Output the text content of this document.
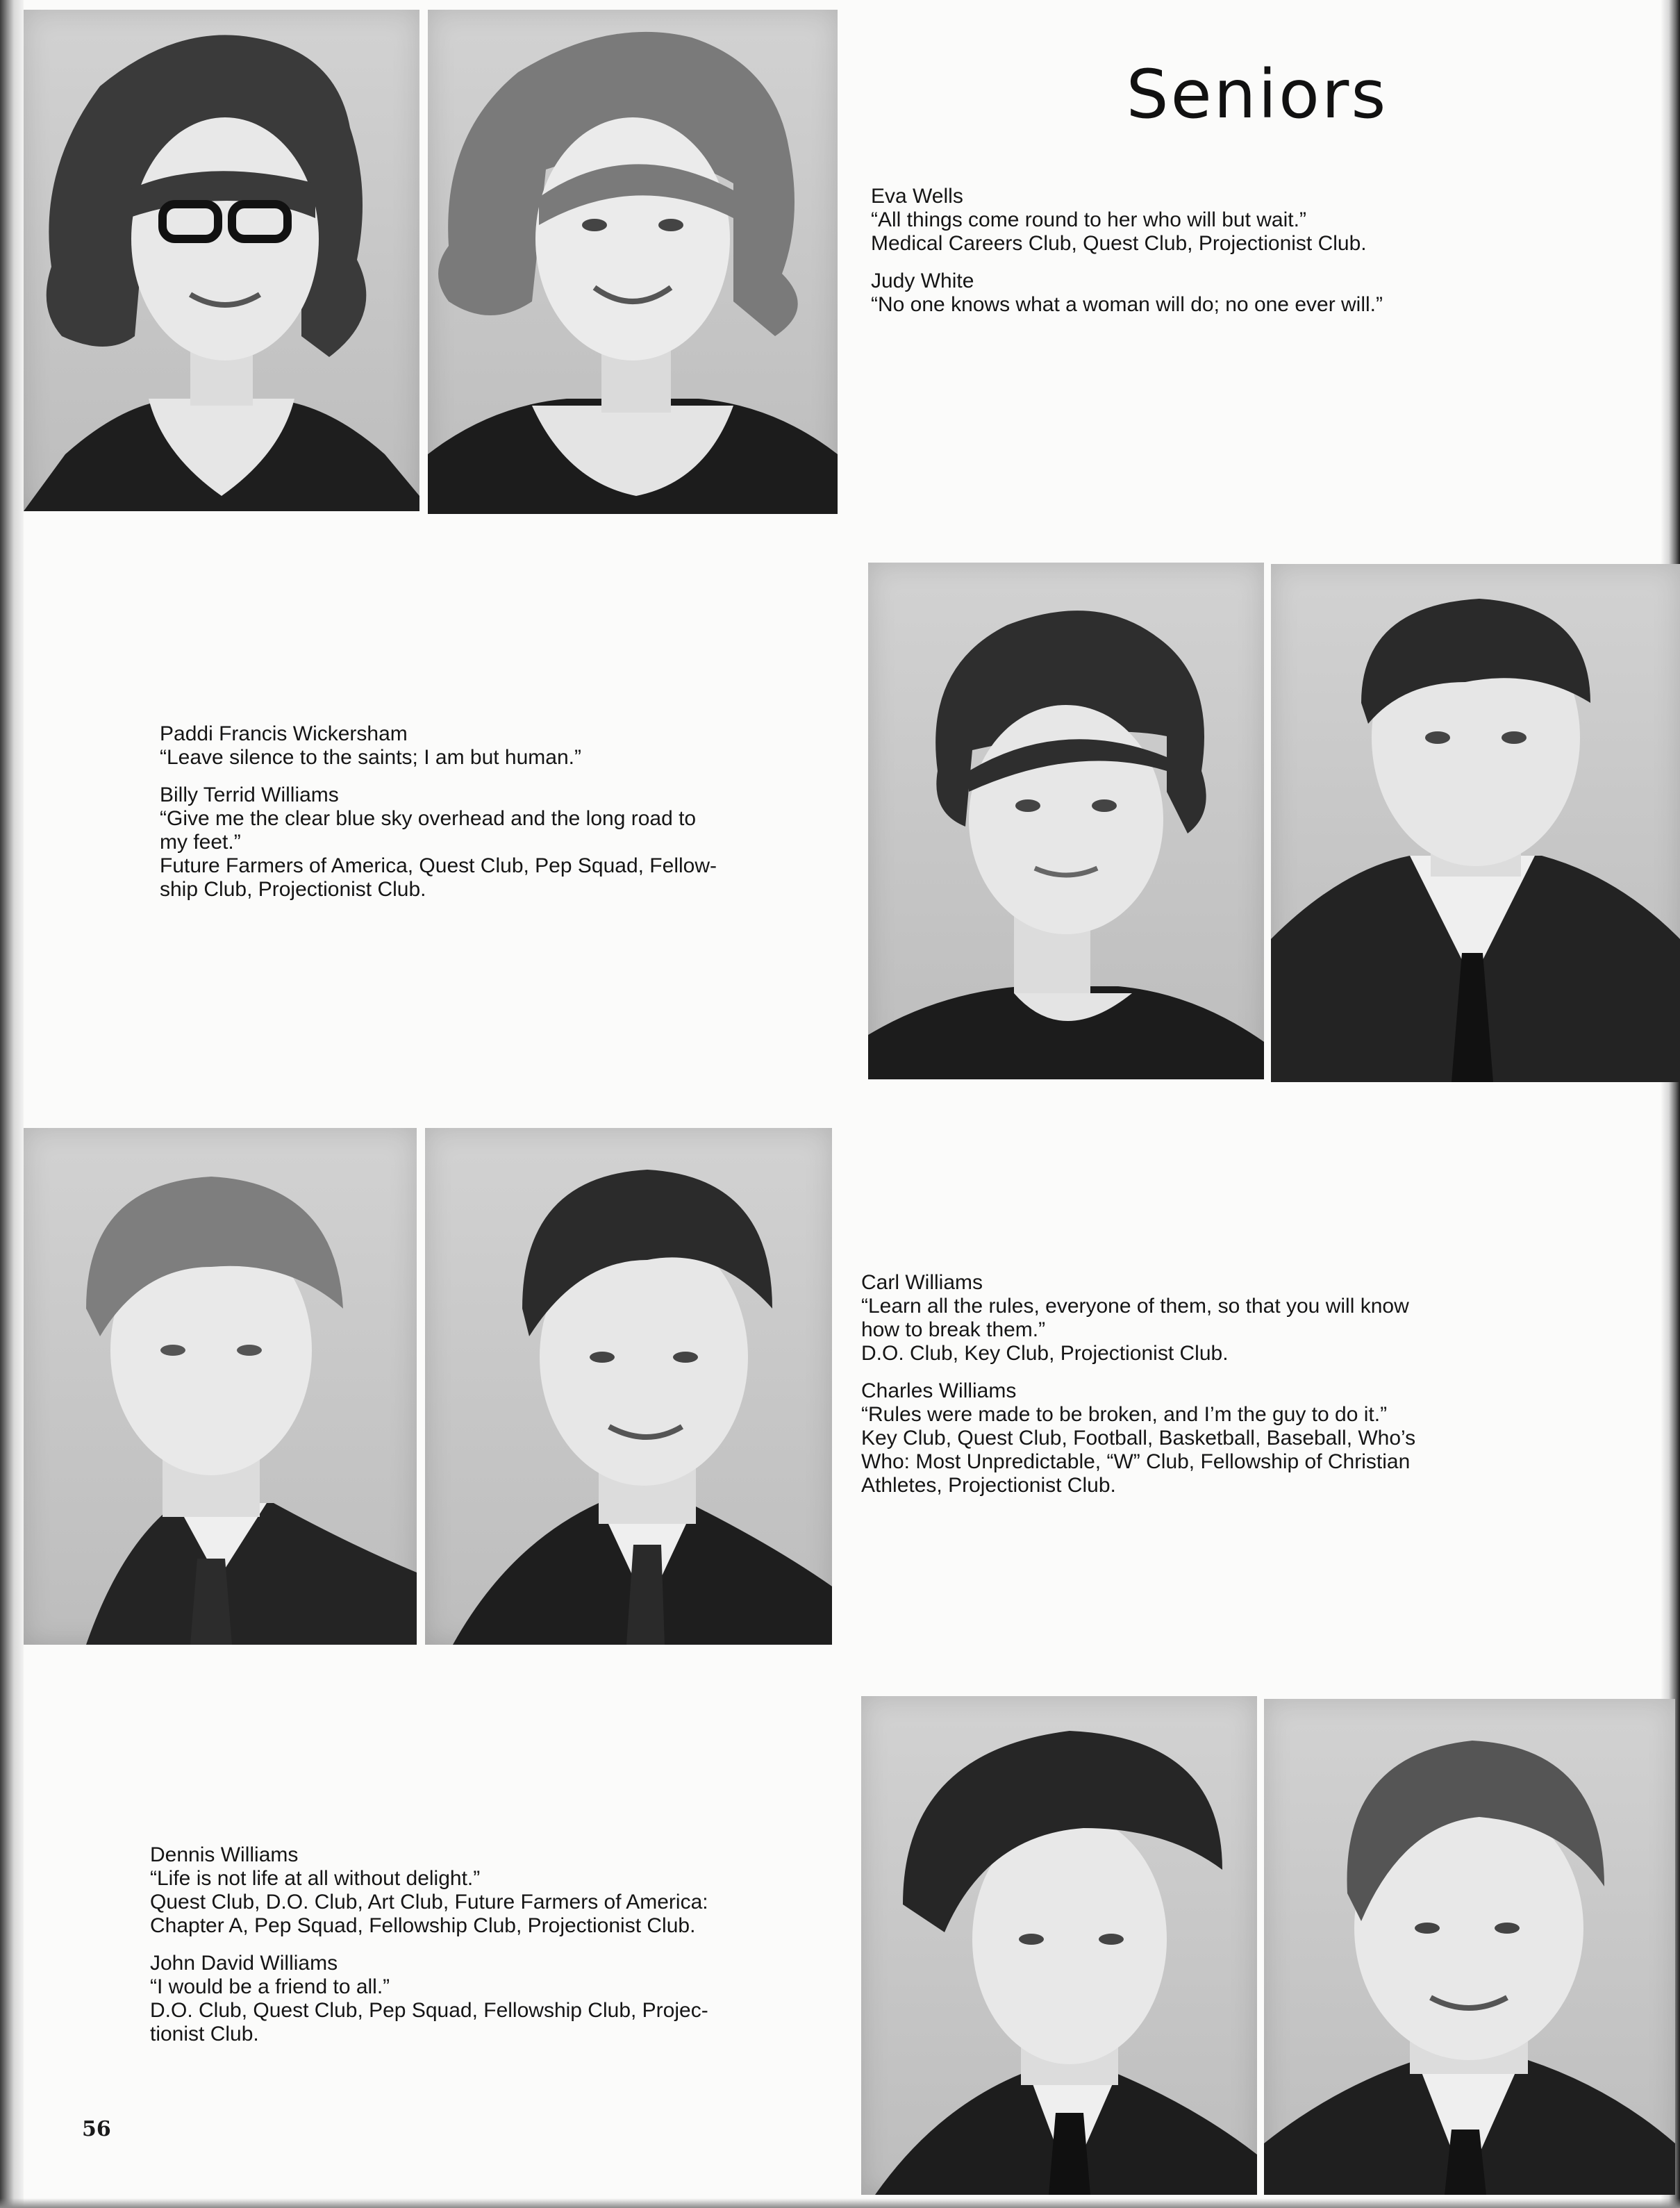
Seniors
Eva Wells
“All things come round to her who will but wait.”
Medical Careers Club, Quest Club, Projectionist Club.
Judy White
“No one knows what a woman will do; no one ever will.”
Paddi Francis Wickersham
“Leave silence to the saints; I am but human.”
Billy Terrid Williams
“Give me the clear blue sky overhead and the long road to
my feet.”
Future Farmers of America, Quest Club, Pep Squad, Fellow-
ship Club, Projectionist Club.
Carl Williams
“Learn all the rules, everyone of them, so that you will know
how to break them.”
D.O. Club, Key Club, Projectionist Club.
Charles Williams
“Rules were made to be broken, and I’m the guy to do it.”
Key Club, Quest Club, Football, Basketball, Baseball, Who’s
Who: Most Unpredictable, “W” Club, Fellowship of Christian
Athletes, Projectionist Club.
Dennis Williams
“Life is not life at all without delight.”
Quest Club, D.O. Club, Art Club, Future Farmers of America:
Chapter A, Pep Squad, Fellowship Club, Projectionist Club.
John David Williams
“I would be a friend to all.”
D.O. Club, Quest Club, Pep Squad, Fellowship Club, Projec-
tionist Club.
56
